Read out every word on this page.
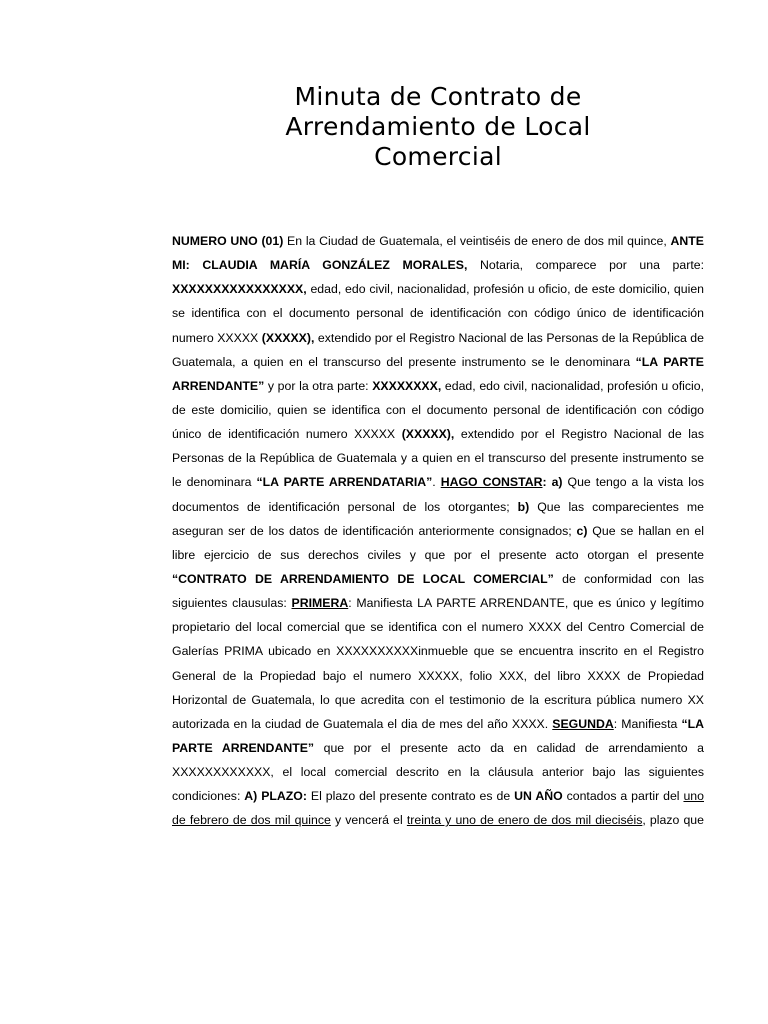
Minuta de Contrato de
Arrendamiento de Local
Comercial
NUMERO UNO (01) En la Ciudad de Guatemala, el veintiséis de enero de dos mil quince, ANTE
MI: CLAUDIA MARÍA GONZÁLEZ MORALES, Notaria, comparece por una parte:
XXXXXXXXXXXXXXXX, edad, edo civil, nacionalidad, profesión u oficio, de este domicilio, quien
se identifica con el documento personal de identificación con código único de identificación
numero XXXXX (XXXXX), extendido por el Registro Nacional de las Personas de la República de
Guatemala, a quien en el transcurso del presente instrumento se le denominara “LA PARTE
ARRENDANTE” y por la otra parte: XXXXXXXX, edad, edo civil, nacionalidad, profesión u oficio,
de este domicilio, quien se identifica con el documento personal de identificación con código
único de identificación numero XXXXX (XXXXX), extendido por el Registro Nacional de las
Personas de la República de Guatemala y a quien en el transcurso del presente instrumento se
le denominara “LA PARTE ARRENDATARIA”. HAGO CONSTAR: a) Que tengo a la vista los
documentos de identificación personal de los otorgantes; b) Que las comparecientes me
aseguran ser de los datos de identificación anteriormente consignados; c) Que se hallan en el
libre ejercicio de sus derechos civiles y que por el presente acto otorgan el presente
“CONTRATO DE ARRENDAMIENTO DE LOCAL COMERCIAL” de conformidad con las
siguientes clausulas: PRIMERA: Manifiesta LA PARTE ARRENDANTE, que es único y legítimo
propietario del local comercial que se identifica con el numero XXXX del Centro Comercial de
Galerías PRIMA ubicado en XXXXXXXXXXinmueble que se encuentra inscrito en el Registro
General de la Propiedad bajo el numero XXXXX, folio XXX, del libro XXXX de Propiedad
Horizontal de Guatemala, lo que acredita con el testimonio de la escritura pública numero XX
autorizada en la ciudad de Guatemala el dia de mes del año XXXX. SEGUNDA: Manifiesta “LA
PARTE ARRENDANTE” que por el presente acto da en calidad de arrendamiento a
XXXXXXXXXXXX, el local comercial descrito en la cláusula anterior bajo las siguientes
condiciones: A) PLAZO: El plazo del presente contrato es de UN AÑO contados a partir del uno
de febrero de dos mil quince y vencerá el treinta y uno de enero de dos mil dieciséis, plazo que
